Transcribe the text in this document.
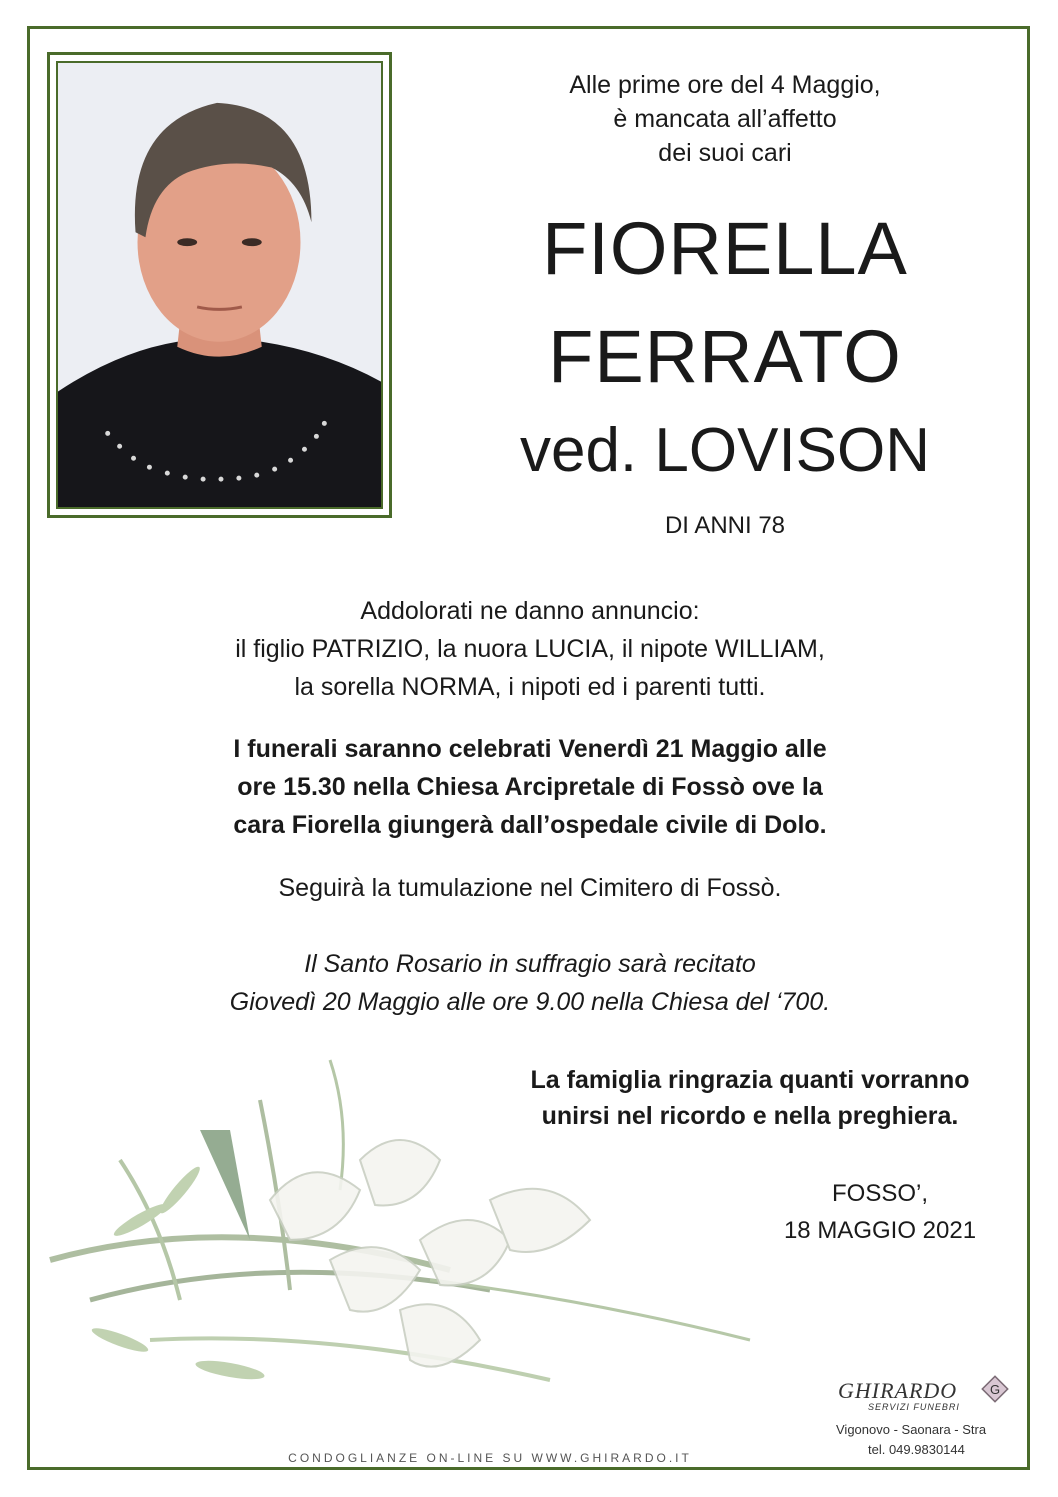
Alle prime ore del 4 Maggio,
è mancata all’affetto
dei suoi cari
FIORELLA
FERRATO
ved. LOVISON
DI ANNI 78
Addolorati ne danno annuncio:
il figlio PATRIZIO, la nuora LUCIA, il nipote WILLIAM,
la sorella NORMA, i nipoti ed i parenti tutti.
I funerali saranno celebrati Venerdì 21 Maggio alle
ore 15.30 nella Chiesa Arcipretale di Fossò ove la
cara Fiorella giungerà dall’ospedale civile di Dolo.
Seguirà la tumulazione nel Cimitero di Fossò.
Il Santo Rosario in suffragio sarà recitato
Giovedì 20 Maggio alle ore 9.00 nella Chiesa del ‘700.
La famiglia ringrazia quanti vorranno
unirsi nel ricordo e nella preghiera.
FOSSO’,
18 MAGGIO 2021
CONDOGLIANZE ON-LINE SU WWW.GHIRARDO.IT
GHIRARDO
SERVIZI FUNEBRI
G
Vigonovo - Saonara - Stra
tel. 049.9830144
